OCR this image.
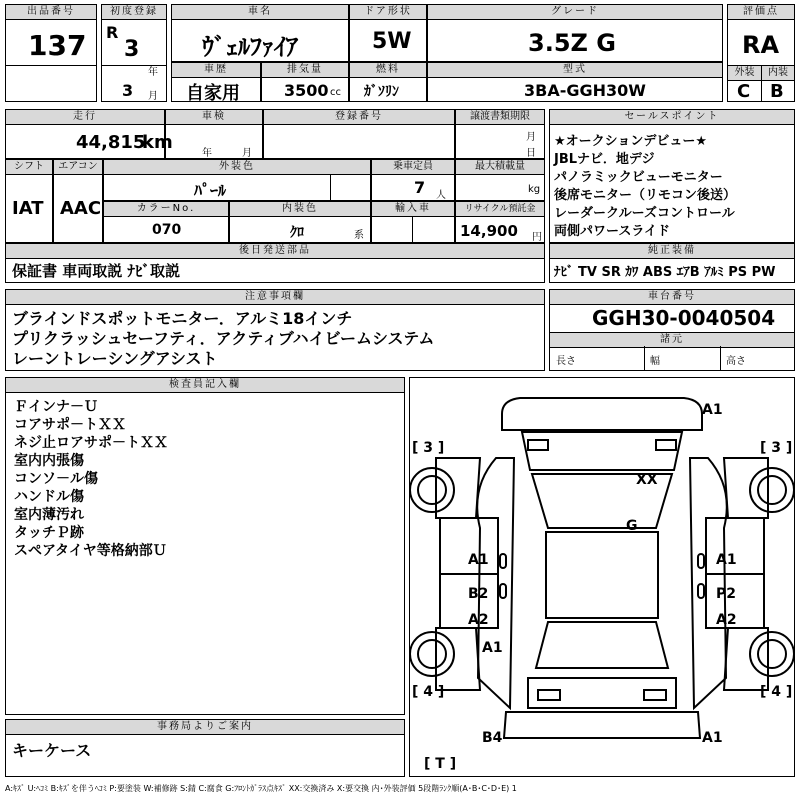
出品番号
137
初度登録
R
3
年
3 月
車名
ｳﾞｪﾙﾌｧｲｱ
ドア形状
5W
グレード
3.5Z G
評価点
RA
外装	内装
C B
車歴
自家用
排気量
3500 cc
燃料
ｶﾞｿﾘﾝ
型式
3BA-GGH30W
走行
44,815
km
車検
年	月
登録番号	譲渡書類期限
月
日
シフト
IAT
エアコン
AAC
外装色
ﾊﾟｰﾙ
乗車定員
7 人
最大積載量
kg
カラーNo.
070
内装色
ｸﾛ	系
輸入車	リサイクル預託金
14,900 円
後日発送部品
保証書 車両取説 ﾅﾋﾞ取説
セールスポイント
★オークションデビュー★
JBLナビ．地デジ
パノラミックビューモニター
後席モニター（リモコン後送）
レーダークルーズコントロール
両側パワースライド
純正装備
ﾅﾋﾞ TV SR ｶﾜ ABS ｴｱB ｱﾙﾐ PS PW
注意事項欄
ブラインドスポットモニター．アルミ18インチ
プリクラッシュセーフティ．アクティブハイビームシステム
レーントレーシングアシスト
車台番号
GGH30-0040504
諸元
長さ	幅	高さ
検査員記入欄
Ｆインナ－Ｕ
コアサポ－トＸＸ
ネジ止ロアサポ－トＸＸ
室内内張傷
コンソ－ル傷
ハンドル傷
室内薄汚れ
タッチＰ跡
スペアタイヤ等格納部Ｕ
事務局よりご案内
キーケース
A1
[ 3 ]	[ 3 ]
XX
G
A1	A1
B2	P2
A2	A2
A1
[ 4 ]	[ 4 ]
B4	A1
[ T ]
A:ｷｽﾞ U:ﾍｺﾐ B:ｷｽﾞを伴うﾍｺﾐ P:要塗装 W:補修跡 S:錆 C:腐食 G:ﾌﾛﾝﾄｶﾞﾗｽ点ｷｽﾞ XX:交換済み X:要交換 内･外装評価 5段階ﾗﾝｸ順(A･B･C･D･E) 1
